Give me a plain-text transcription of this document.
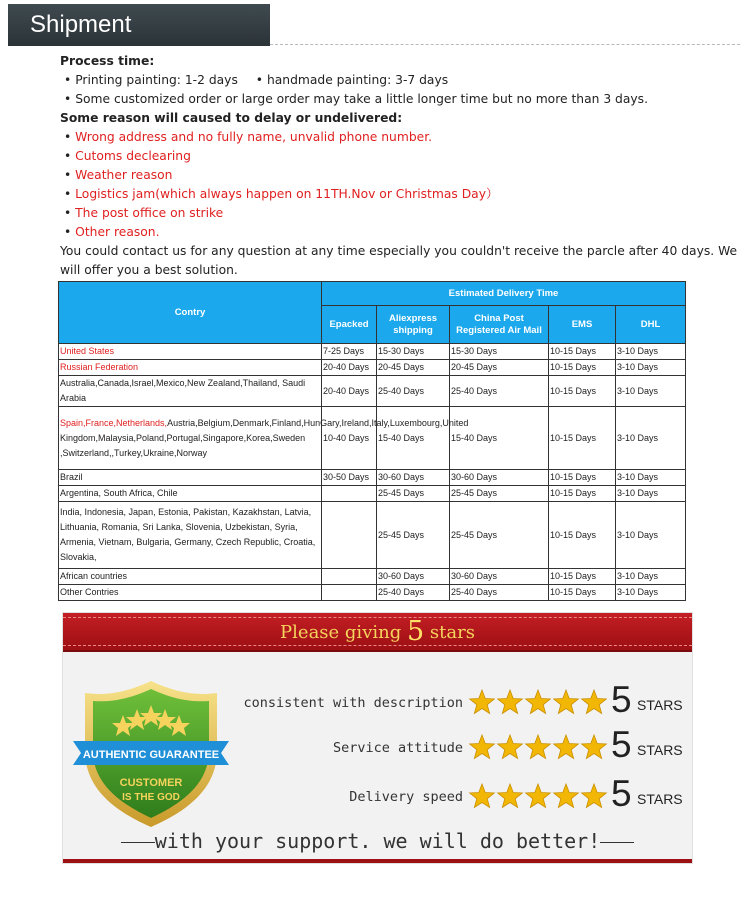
Shipment
Process time:
• Printing painting: 1-2 days • handmade painting: 3-7 days
• Some customized order or large order may take a little longer time but no more than 3 days.
Some reason will caused to delay or undelivered:
• Wrong address and no fully name, unvalid phone number.
• Cutoms declearing
• Weather reason
• Logistics jam(which always happen on 11TH.Nov or Christmas Day）
• The post office on strike
• Other reason.
You could contact us for any question at any time especially you couldn't receive the parcle after 40 days. We will offer you a best solution.
Contry	Estimated Delivery Time				
	Epacked	Aliexpress shipping	China Post Registered Air Mail	EMS	DHL
United States	7-25 Days	15-30 Days	15-30 Days	10-15 Days	3-10 Days
Russian Federation	20-40 Days	20-45 Days	20-45 Days	10-15 Days	3-10 Days
Australia,Canada,Israel,Mexico,New Zealand,Thailand, Saudi Arabia	20-40 Days	25-40 Days	25-40 Days	10-15 Days	3-10 Days
Spain,France,Netherlands,Austria,Belgium,Denmark,Finland,HunGary,Ireland,Italy,Luxembourg,United Kingdom,Malaysia,Poland,Portugal,Singapore,Korea,Sweden ,Switzerland,,Turkey,Ukraine,Norway	10-40 Days	15-40 Days	15-40 Days	10-15 Days	3-10 Days
Brazil	30-50 Days	30-60 Days	30-60 Days	10-15 Days	3-10 Days
Argentina, South Africa, Chile		25-45 Days	25-45 Days	10-15 Days	3-10 Days
India, Indonesia, Japan, Estonia, Pakistan, Kazakhstan, Latvia, Lithuania, Romania, Sri Lanka, Slovenia, Uzbekistan, Syria, Armenia, Vietnam, Bulgaria, Germany, Czech Republic, Croatia, Slovakia,		25-45 Days	25-45 Days	10-15 Days	3-10 Days
African countries		30-60 Days	30-60 Days	10-15 Days	3-10 Days
Other Contries		25-40 Days	25-40 Days	10-15 Days	3-10 Days
Please giving 5 stars
AUTHENTIC GUARANTEE
CUSTOMER
IS THE GOD
consistent with description	5 STARS
Service attitude	5 STARS
Delivery speed	5 STARS
with your support. we will do better!
